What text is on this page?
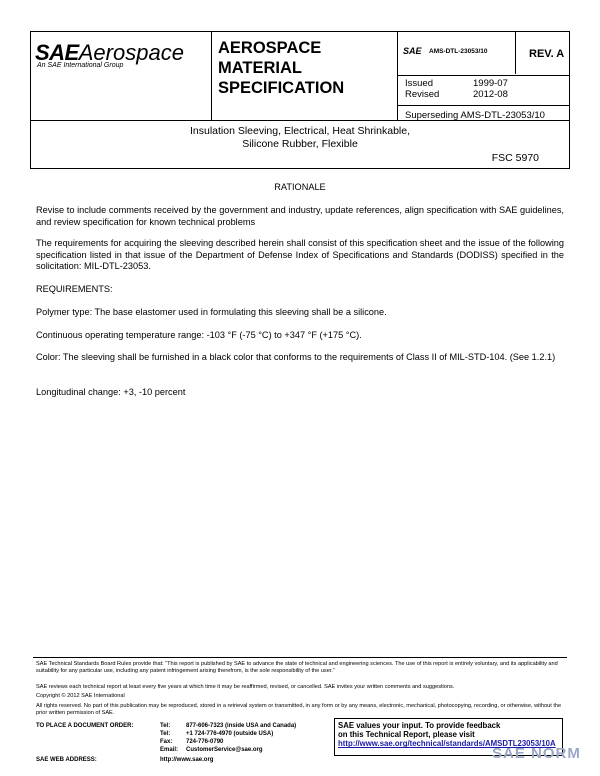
SAEAerospace
An SAE International Group
AEROSPACE
MATERIAL
SPECIFICATION
SAE AMS-DTL-23053/10	REV. A
Issued	1999-07
Revised	2012-08
Superseding AMS-DTL-23053/10
Insulation Sleeving, Electrical, Heat Shrinkable,
Silicone Rubber, Flexible
FSC 5970
RATIONALE
Revise to include comments received by the government and industry, update references, align specification with SAE guidelines, and review specification for known technical problems
The requirements for acquiring the sleeving described herein shall consist of this specification sheet and the issue of the following specification listed in that issue of the Department of Defense Index of Specifications and Standards (DODISS) specified in the solicitation: MIL-DTL-23053.
REQUIREMENTS:
Polymer type: The base elastomer used in formulating this sleeving shall be a silicone.
Continuous operating temperature range: -103 °F (-75 °C) to +347 °F (+175 °C).
Color: The sleeving shall be furnished in a black color that conforms to the requirements of Class II of MIL-STD-104. (See 1.2.1)
Longitudinal change: +3, -10 percent
SAE Technical Standards Board Rules provide that: “This report is published by SAE to advance the state of technical and engineering sciences. The use of this report is entirely voluntary, and its applicability and suitability for any particular use, including any patent infringement arising therefrom, is the sole responsibility of the user.”
SAE reviews each technical report at least every five years at which time it may be reaffirmed, revised, or cancelled. SAE invites your written comments and suggestions.
Copyright © 2012 SAE International
All rights reserved. No part of this publication may be reproduced, stored in a retrieval system or transmitted, in any form or by any means, electronic, mechanical, photocopying, recording, or otherwise, without the prior written permission of SAE.
TO PLACE A DOCUMENT ORDER:	Tel:	877-606-7323 (inside USA and Canada)
Tel:	+1 724-776-4970 (outside USA)
Fax: 724-776-0790
Email: CustomerService@sae.org
SAE WEB ADDRESS:	http://www.sae.org
SAE values your input. To provide feedback
on this Technical Report, please visit
http://www.sae.org/technical/standards/AMSDTL23053/10A
SAE NORM
